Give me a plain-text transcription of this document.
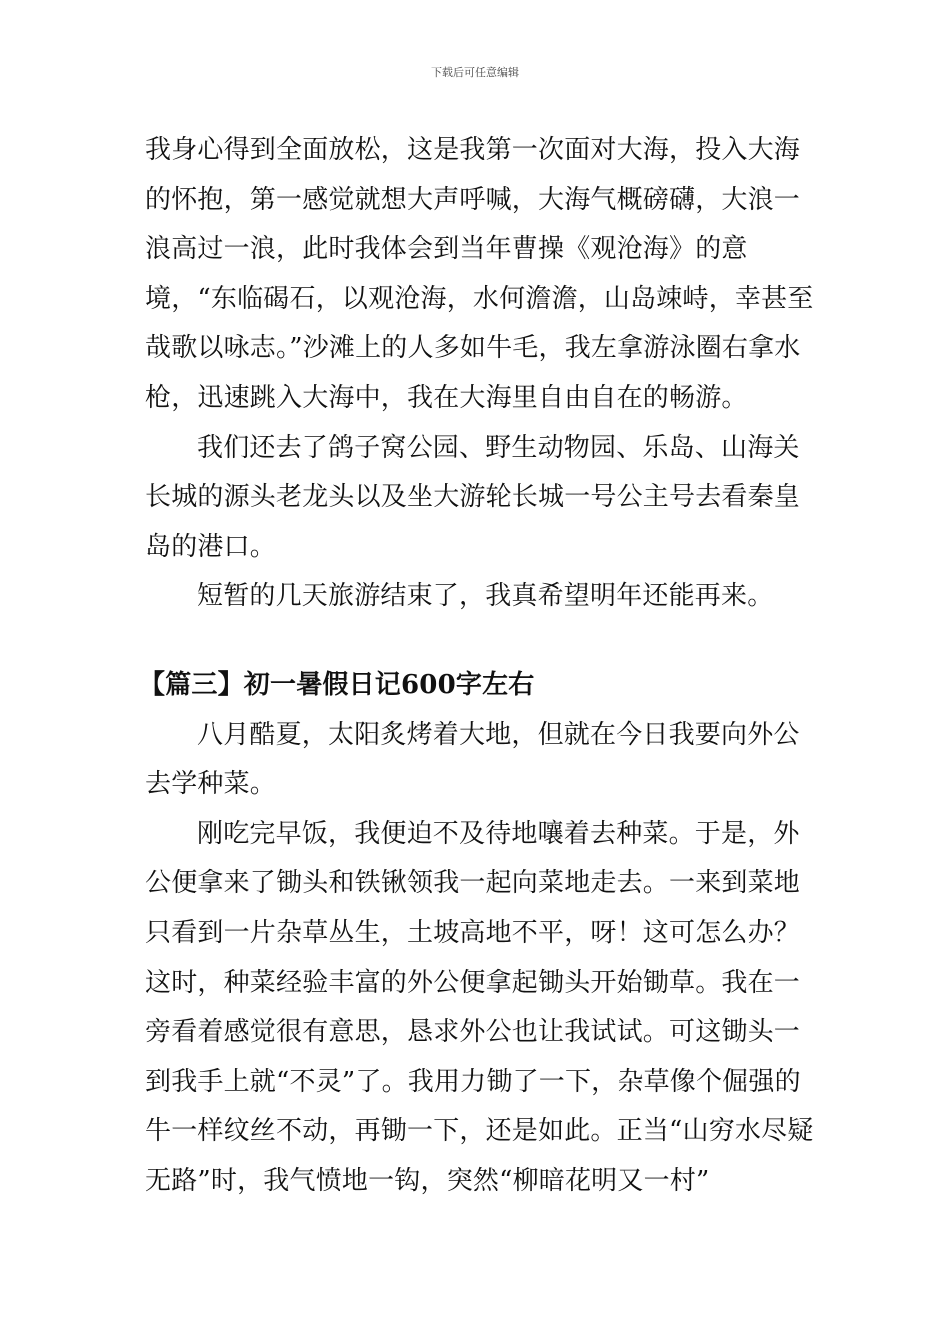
下载后可任意编辑

我身心得到全面放松，这是我第一次面对大海，投入大海的怀抱，第一感觉就想大声呼喊，大海气概磅礴，大浪一浪高过一浪，此时我体会到当年曹操《观沧海》的意境，“东临碣石，以观沧海，水何澹澹，山岛竦峙，幸甚至哉歌以咏志。”沙滩上的人多如牛毛，我左拿游泳圈右拿水枪，迅速跳入大海中，我在大海里自由自在的畅游。

我们还去了鸽子窝公园、野生动物园、乐岛、山海关长城的源头老龙头以及坐大游轮长城一号公主号去看秦皇岛的港口。

短暂的几天旅游结束了，我真希望明年还能再来。

【篇三】初一暑假日记600字左右

八月酷夏，太阳炙烤着大地，但就在今日我要向外公去学种菜。

刚吃完早饭，我便迫不及待地嚷着去种菜。于是，外公便拿来了锄头和铁锹领我一起向菜地走去。一来到菜地只看到一片杂草丛生，土坡高地不平，呀！这可怎么办？这时，种菜经验丰富的外公便拿起锄头开始锄草。我在一旁看着感觉很有意思，恳求外公也让我试试。可这锄头一到我手上就“不灵”了。我用力锄了一下，杂草像个倔强的牛一样纹丝不动，再锄一下，还是如此。正当“山穷水尽疑无路”时，我气愤地一钩，突然“柳暗花明又一村”
